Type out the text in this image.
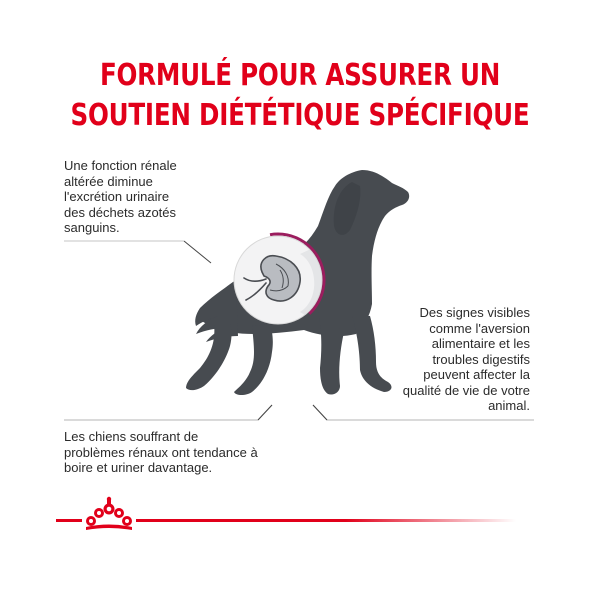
FORMULÉ POUR ASSURER UN
SOUTIEN DIÉTÉTIQUE SPÉCIFIQUE
Une fonction rénale
altérée diminue
l'excrétion urinaire
des déchets azotés
sanguins.
Des signes visibles
comme l'aversion
alimentaire et les
troubles digestifs
peuvent affecter la
qualité de vie de votre
animal.
Les chiens souffrant de
problèmes rénaux ont tendance à
boire et uriner davantage.
